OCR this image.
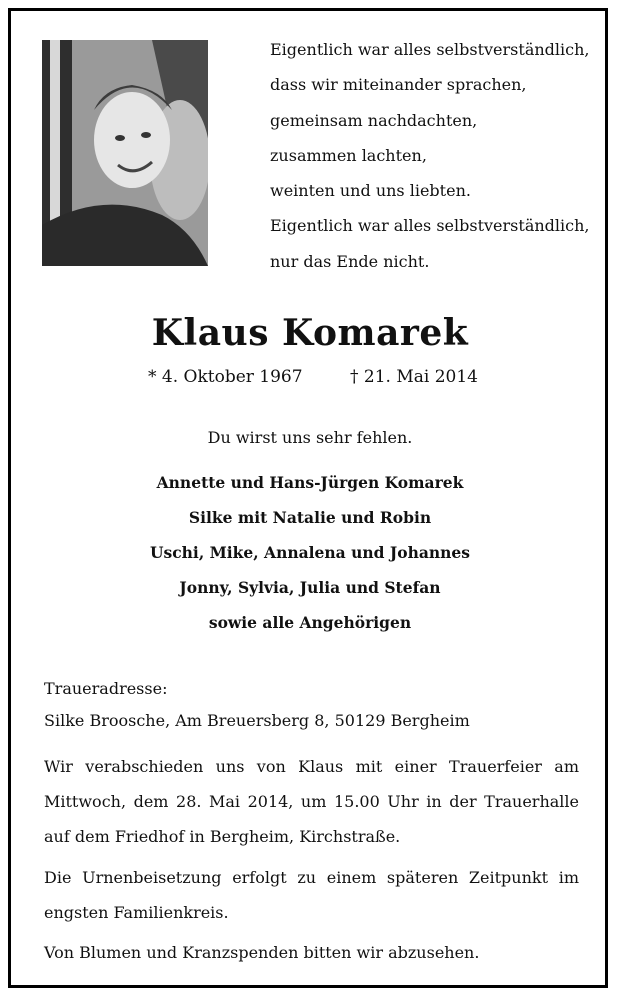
Eigentlich war alles selbstverständlich,
dass wir miteinander sprachen,
gemeinsam nachdachten,
zusammen lachten,
weinten und uns liebten.
Eigentlich war alles selbstverständlich,
nur das Ende nicht.
Klaus Komarek
* 4. Oktober 1967	† 21. Mai 2014
Du wirst uns sehr fehlen.
Annette und Hans-Jürgen Komarek
Silke mit Natalie und Robin
Uschi, Mike, Annalena und Johannes
Jonny, Sylvia, Julia und Stefan
sowie alle Angehörigen
Traueradresse:
Silke Broosche, Am Breuersberg 8, 50129 Bergheim
Wir verabschieden uns von Klaus mit einer Trauerfeier am Mittwoch, dem 28. Mai 2014, um 15.00 Uhr in der Trauerhalle auf dem Friedhof in Bergheim, Kirchstraße.
Die Urnenbeisetzung erfolgt zu einem späteren Zeitpunkt im engsten Familienkreis.
Von Blumen und Kranzspenden bitten wir abzusehen.
